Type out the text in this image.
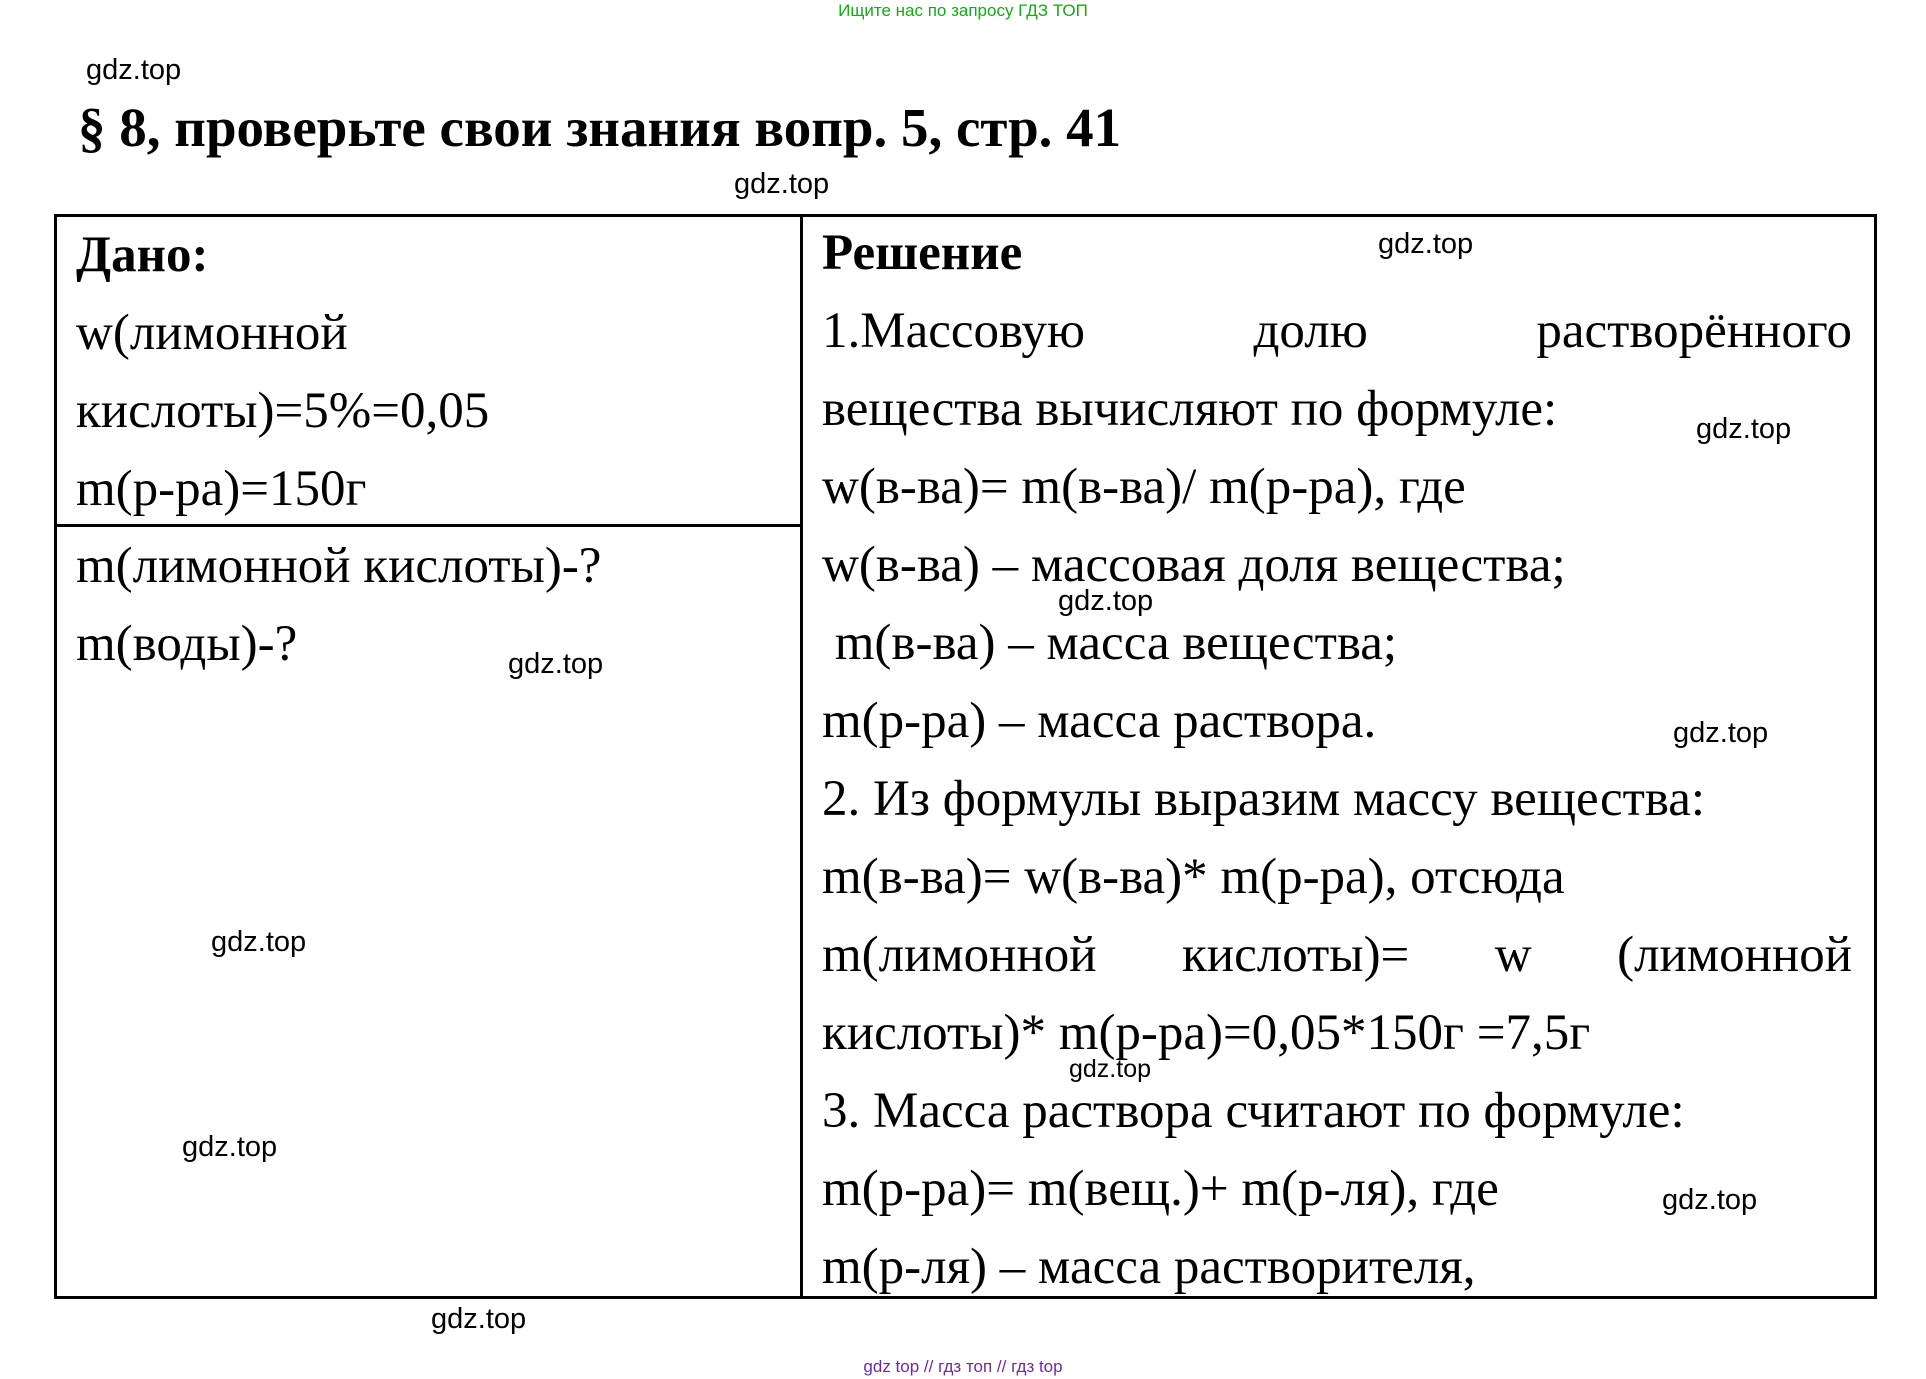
Ищите нас по запросу ГДЗ ТОП
gdz.top
§ 8, проверьте свои знания вопр. 5, стр. 41
gdz.top
Дано:
w(лимонной
кислоты)=5%=0,05
m(р-ра)=150г
m(лимонной кислоты)-?
m(воды)-?
Решение
1.Массовую	долю	растворённого
вещества вычисляют по формуле:
w(в-ва)= m(в-ва)/ m(р-ра), где
w(в-ва) – массовая доля вещества;
m(в-ва) – масса вещества;
m(р-ра) – масса раствора.
2. Из формулы выразим массу вещества:
m(в-ва)= w(в-ва)* m(р-ра), отсюда
m(лимонной кислоты)= w (лимонной
кислоты)* m(р-ра)=0,05*150г =7,5г
3. Масса раствора считают по формуле:
m(р-ра)= m(вещ.)+ m(р-ля), где
m(р-ля) – масса растворителя,
gdz.top
gdz.top
gdz.top
gdz.top
gdz.top
gdz.top
gdz.top
gdz.top
gdz.top
gdz.top
gdz top // гдз топ // гдз top
